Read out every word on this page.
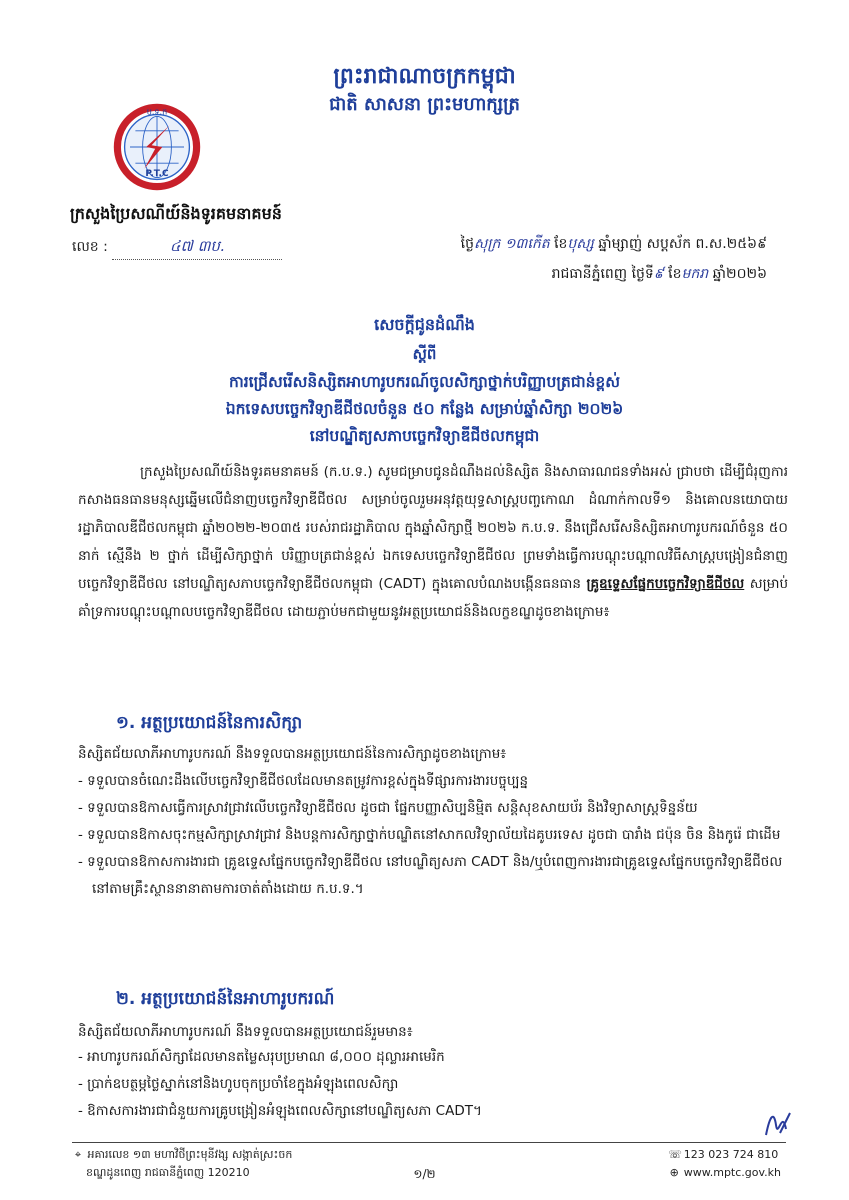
ព្រះរាជាណាចក្រកម្ពុជា
ជាតិ សាសនា ព្រះមហាក្សត្រ
ប.ទ.ក
P.T.C
ក្រសួងប្រៃសណីយ៍និងទូរគមនាគមន៍
លេខ :	៤៧ ៣ប.	ថ្ងៃសុក្រ ១៣កើត ខែបុស្ស ឆ្នាំម្សាញ់ សប្តស័ក ព.ស.២៥៦៩
រាជធានីភ្នំពេញ ថ្ងៃទី៩ ខែមករា ឆ្នាំ២០២៦
សេចក្តីជូនដំណឹង
ស្តីពី
ការជ្រើសរើសនិស្សិតអាហារូបករណ៍ចូលសិក្សាថ្នាក់បរិញ្ញាបត្រជាន់ខ្ពស់
ឯកទេសបច្ចេកវិទ្យាឌីជីថលចំនួន ៥០ កន្លែង សម្រាប់ឆ្នាំសិក្សា ២០២៦
នៅបណ្ឌិត្យសភាបច្ចេកវិទ្យាឌីជីថលកម្ពុជា
ក្រសួងប្រៃសណីយ៍និងទូរគមនាគមន៍ (ក.ប.ទ.) សូមជម្រាបជូនដំណឹងដល់និស្សិត និងសាធារណជនទាំងអស់ ជ្រាបថា ដើម្បីជំរុញការកសាងធនធានមនុស្សឆ្នើមលើជំនាញបច្ចេកវិទ្យាឌីជីថល សម្រាប់ចូលរួមអនុវត្តយុទ្ធសាស្ត្របញ្ចកោណ ដំណាក់កាលទី១ និងគោលនយោបាយរដ្ឋាភិបាលឌីជីថលកម្ពុជា ឆ្នាំ២០២២-២០៣៥ របស់រាជរដ្ឋាភិបាល ក្នុងឆ្នាំសិក្សាថ្មី ២០២៦ ក.ប.ទ. នឹងជ្រើសរើសនិស្សិតអាហារូបករណ៍ចំនួន ៥០ នាក់ ស្មើនឹង ២ ថ្នាក់ ដើម្បីសិក្សាថ្នាក់ បរិញ្ញាបត្រជាន់ខ្ពស់ ឯកទេសបច្ចេកវិទ្យាឌីជីថល ព្រមទាំងធ្វើការបណ្តុះបណ្តាលវិធីសាស្ត្របង្រៀនជំនាញបច្ចេកវិទ្យាឌីជីថល នៅបណ្ឌិត្យសភាបច្ចេកវិទ្យាឌីជីថលកម្ពុជា (CADT) ក្នុងគោលបំណងបង្កើនធនធាន គ្រូឧទ្ទេសផ្នែកបច្ចេកវិទ្យាឌីជីថល សម្រាប់គាំទ្រការបណ្តុះបណ្តាលបច្ចេកវិទ្យាឌីជីថល ដោយភ្ជាប់មកជាមួយនូវអត្ថប្រយោជន៍និងលក្ខខណ្ឌដូចខាងក្រោម៖
១. អត្ថប្រយោជន៍នៃការសិក្សា
និស្សិតជ័យលាភីអាហារូបករណ៍ នឹងទទួលបានអត្ថប្រយោជន៍នៃការសិក្សាដូចខាងក្រោម៖
- ទទួលបានចំណេះដឹងលើបច្ចេកវិទ្យាឌីជីថលដែលមានតម្រូវការខ្ពស់ក្នុងទីផ្សារការងារបច្ចុប្បន្ន
- ទទួលបានឱកាសធ្វើការស្រាវជ្រាវលើបច្ចេកវិទ្យាឌីជីថល ដូចជា ផ្នែកបញ្ញាសិប្បនិម្មិត សន្តិសុខសាយប័រ និងវិទ្យាសាស្ត្រទិន្នន័យ
- ទទួលបានឱកាសចុះកម្មសិក្សាស្រាវជ្រាវ និងបន្តការសិក្សាថ្នាក់បណ្ឌិតនៅសាកលវិទ្យាល័យដៃគូបរទេស ដូចជា បារាំង ជប៉ុន ចិន និងកូរ៉េ ជាដើម
- ទទួលបានឱកាសការងារជា គ្រូឧទ្ទេសផ្នែកបច្ចេកវិទ្យាឌីជីថល នៅបណ្ឌិត្យសភា CADT និង/ឬបំពេញការងារជាគ្រូឧទ្ទេសផ្នែកបច្ចេកវិទ្យាឌីជីថលនៅតាមគ្រឹះស្ថាននានាតាមការចាត់តាំងដោយ ក.ប.ទ.។
២. អត្ថប្រយោជន៍នៃអាហារូបករណ៍
និស្សិតជ័យលាភីអាហារូបករណ៍ នឹងទទួលបានអត្ថប្រយោជន៍រួមមាន៖
- អាហារូបករណ៍សិក្សាដែលមានតម្លៃសរុបប្រមាណ ៨,០០០ ដុល្លារអាមេរិក
- ប្រាក់ឧបត្ថម្ភថ្លៃស្នាក់នៅនិងហូបចុកប្រចាំខែក្នុងអំឡុងពេលសិក្សា
- ឱកាសការងារជាជំនួយការគ្រូបង្រៀនអំឡុងពេលសិក្សានៅបណ្ឌិត្យសភា CADT។
⌖ អគារលេខ ១៣ មហាវិថីព្រះមុនីវង្ស សង្កាត់ស្រះចក
ខណ្ឌដូនពេញ រាជធានីភ្នំពេញ 120210	១/២
☏ 123 023 724 810
⊕ www.mptc.gov.kh
